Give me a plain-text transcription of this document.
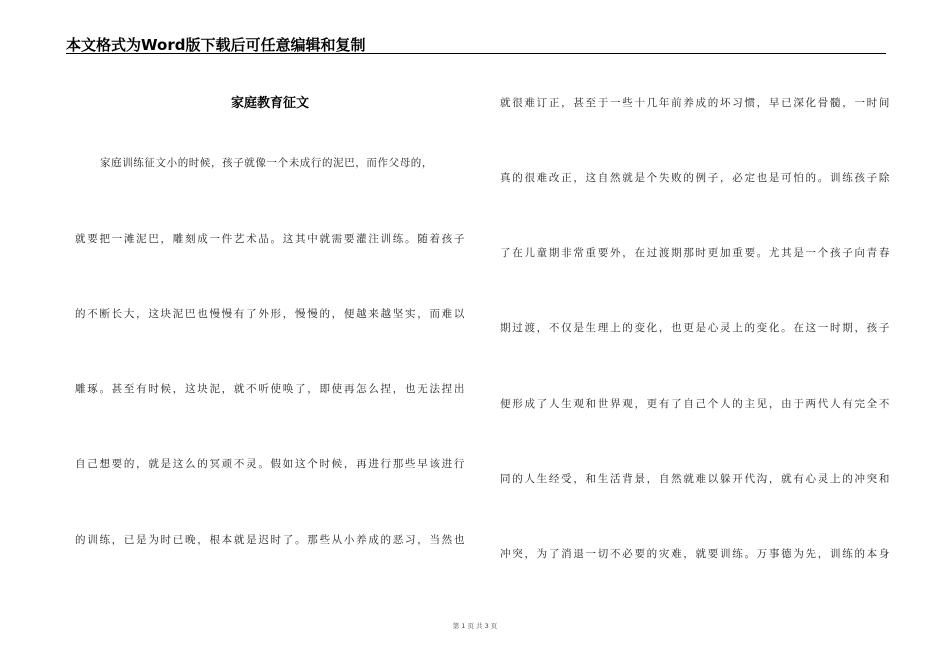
本文格式为Word版下载后可任意编辑和复制
家庭教育征文
家庭训练征文小的时候，孩子就像一个未成行的泥巴，而作父母的，
就要把一滩泥巴，雕刻成一件艺术品。这其中就需要灌注训练。随着孩子
的不断长大，这块泥巴也慢慢有了外形，慢慢的，便越来越坚实，而难以
雕琢。甚至有时候，这块泥，就不听使唤了，即使再怎么捏，也无法捏出
自己想要的，就是这么的冥顽不灵。假如这个时候，再进行那些早该进行
的训练，已是为时已晚，根本就是迟时了。那些从小养成的恶习，当然也
就很难订正，甚至于一些十几年前养成的坏习惯，早已深化骨髓，一时间
真的很难改正，这自然就是个失败的例子，必定也是可怕的。训练孩子除
了在儿童期非常重要外，在过渡期那时更加重要。尤其是一个孩子向青春
期过渡，不仅是生理上的变化，也更是心灵上的变化。在这一时期，孩子
便形成了人生观和世界观，更有了自己个人的主见，由于两代人有完全不
同的人生经受，和生活背景，自然就难以躲开代沟，就有心灵上的冲突和
冲突，为了消退一切不必要的灾难，就要训练。万事德为先，训练的本身
第 1 页 共 3 页
